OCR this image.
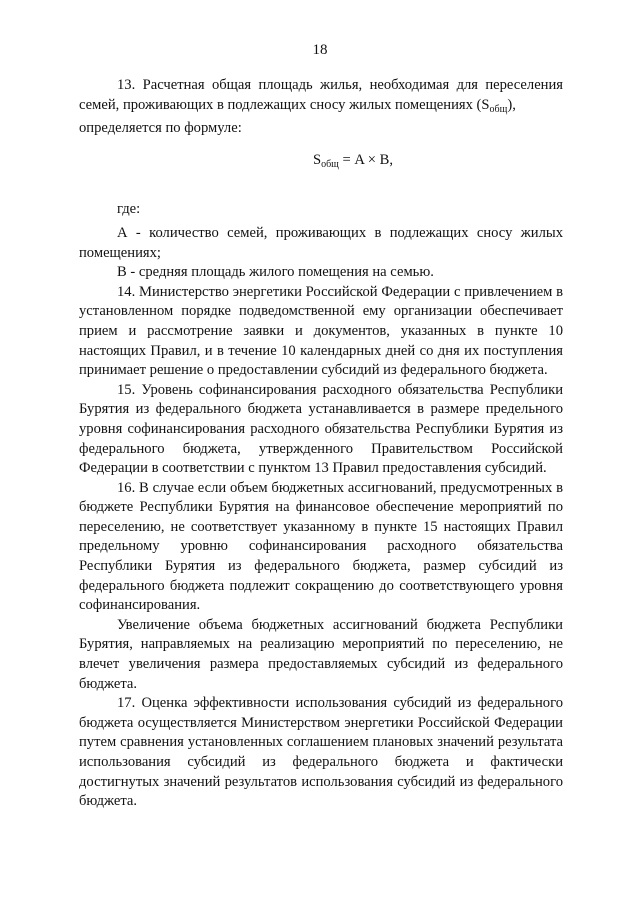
18

13. Расчетная общая площадь жилья, необходимая для переселения семей, проживающих в подлежащих сносу жилых помещениях $(S_{общ})$,

определяется по формуле:

$S_{общ} = A \times B$,

где:

А - количество семей, проживающих в подлежащих сносу жилых помещениях;

В - средняя площадь жилого помещения на семью.

14. Министерство энергетики Российской Федерации с привлечением в установленном порядке подведомственной ему организации обеспечивает прием и рассмотрение заявки и документов, указанных в пункте 10 настоящих Правил, и в течение 10 календарных дней со дня их поступления принимает решение о предоставлении субсидий из федерального бюджета.

15. Уровень софинансирования расходного обязательства Республики Бурятия из федерального бюджета устанавливается в размере предельного уровня софинансирования расходного обязательства Республики Бурятия из федерального бюджета, утвержденного Правительством Российской Федерации в соответствии с пунктом 13 Правил предоставления субсидий.

16. В случае если объем бюджетных ассигнований, предусмотренных в бюджете Республики Бурятия на финансовое обеспечение мероприятий по переселению, не соответствует указанному в пункте 15 настоящих Правил предельному уровню софинансирования расходного обязательства Республики Бурятия из федерального бюджета, размер субсидий из федерального бюджета подлежит сокращению до соответствующего уровня софинансирования.

Увеличение объема бюджетных ассигнований бюджета Республики Бурятия, направляемых на реализацию мероприятий по переселению, не влечет увеличения размера предоставляемых субсидий из федерального бюджета.

17. Оценка эффективности использования субсидий из федерального бюджета осуществляется Министерством энергетики Российской Федерации путем сравнения установленных соглашением плановых значений результата использования субсидий из федерального бюджета и фактически достигнутых значений результатов использования субсидий из федерального бюджета.
